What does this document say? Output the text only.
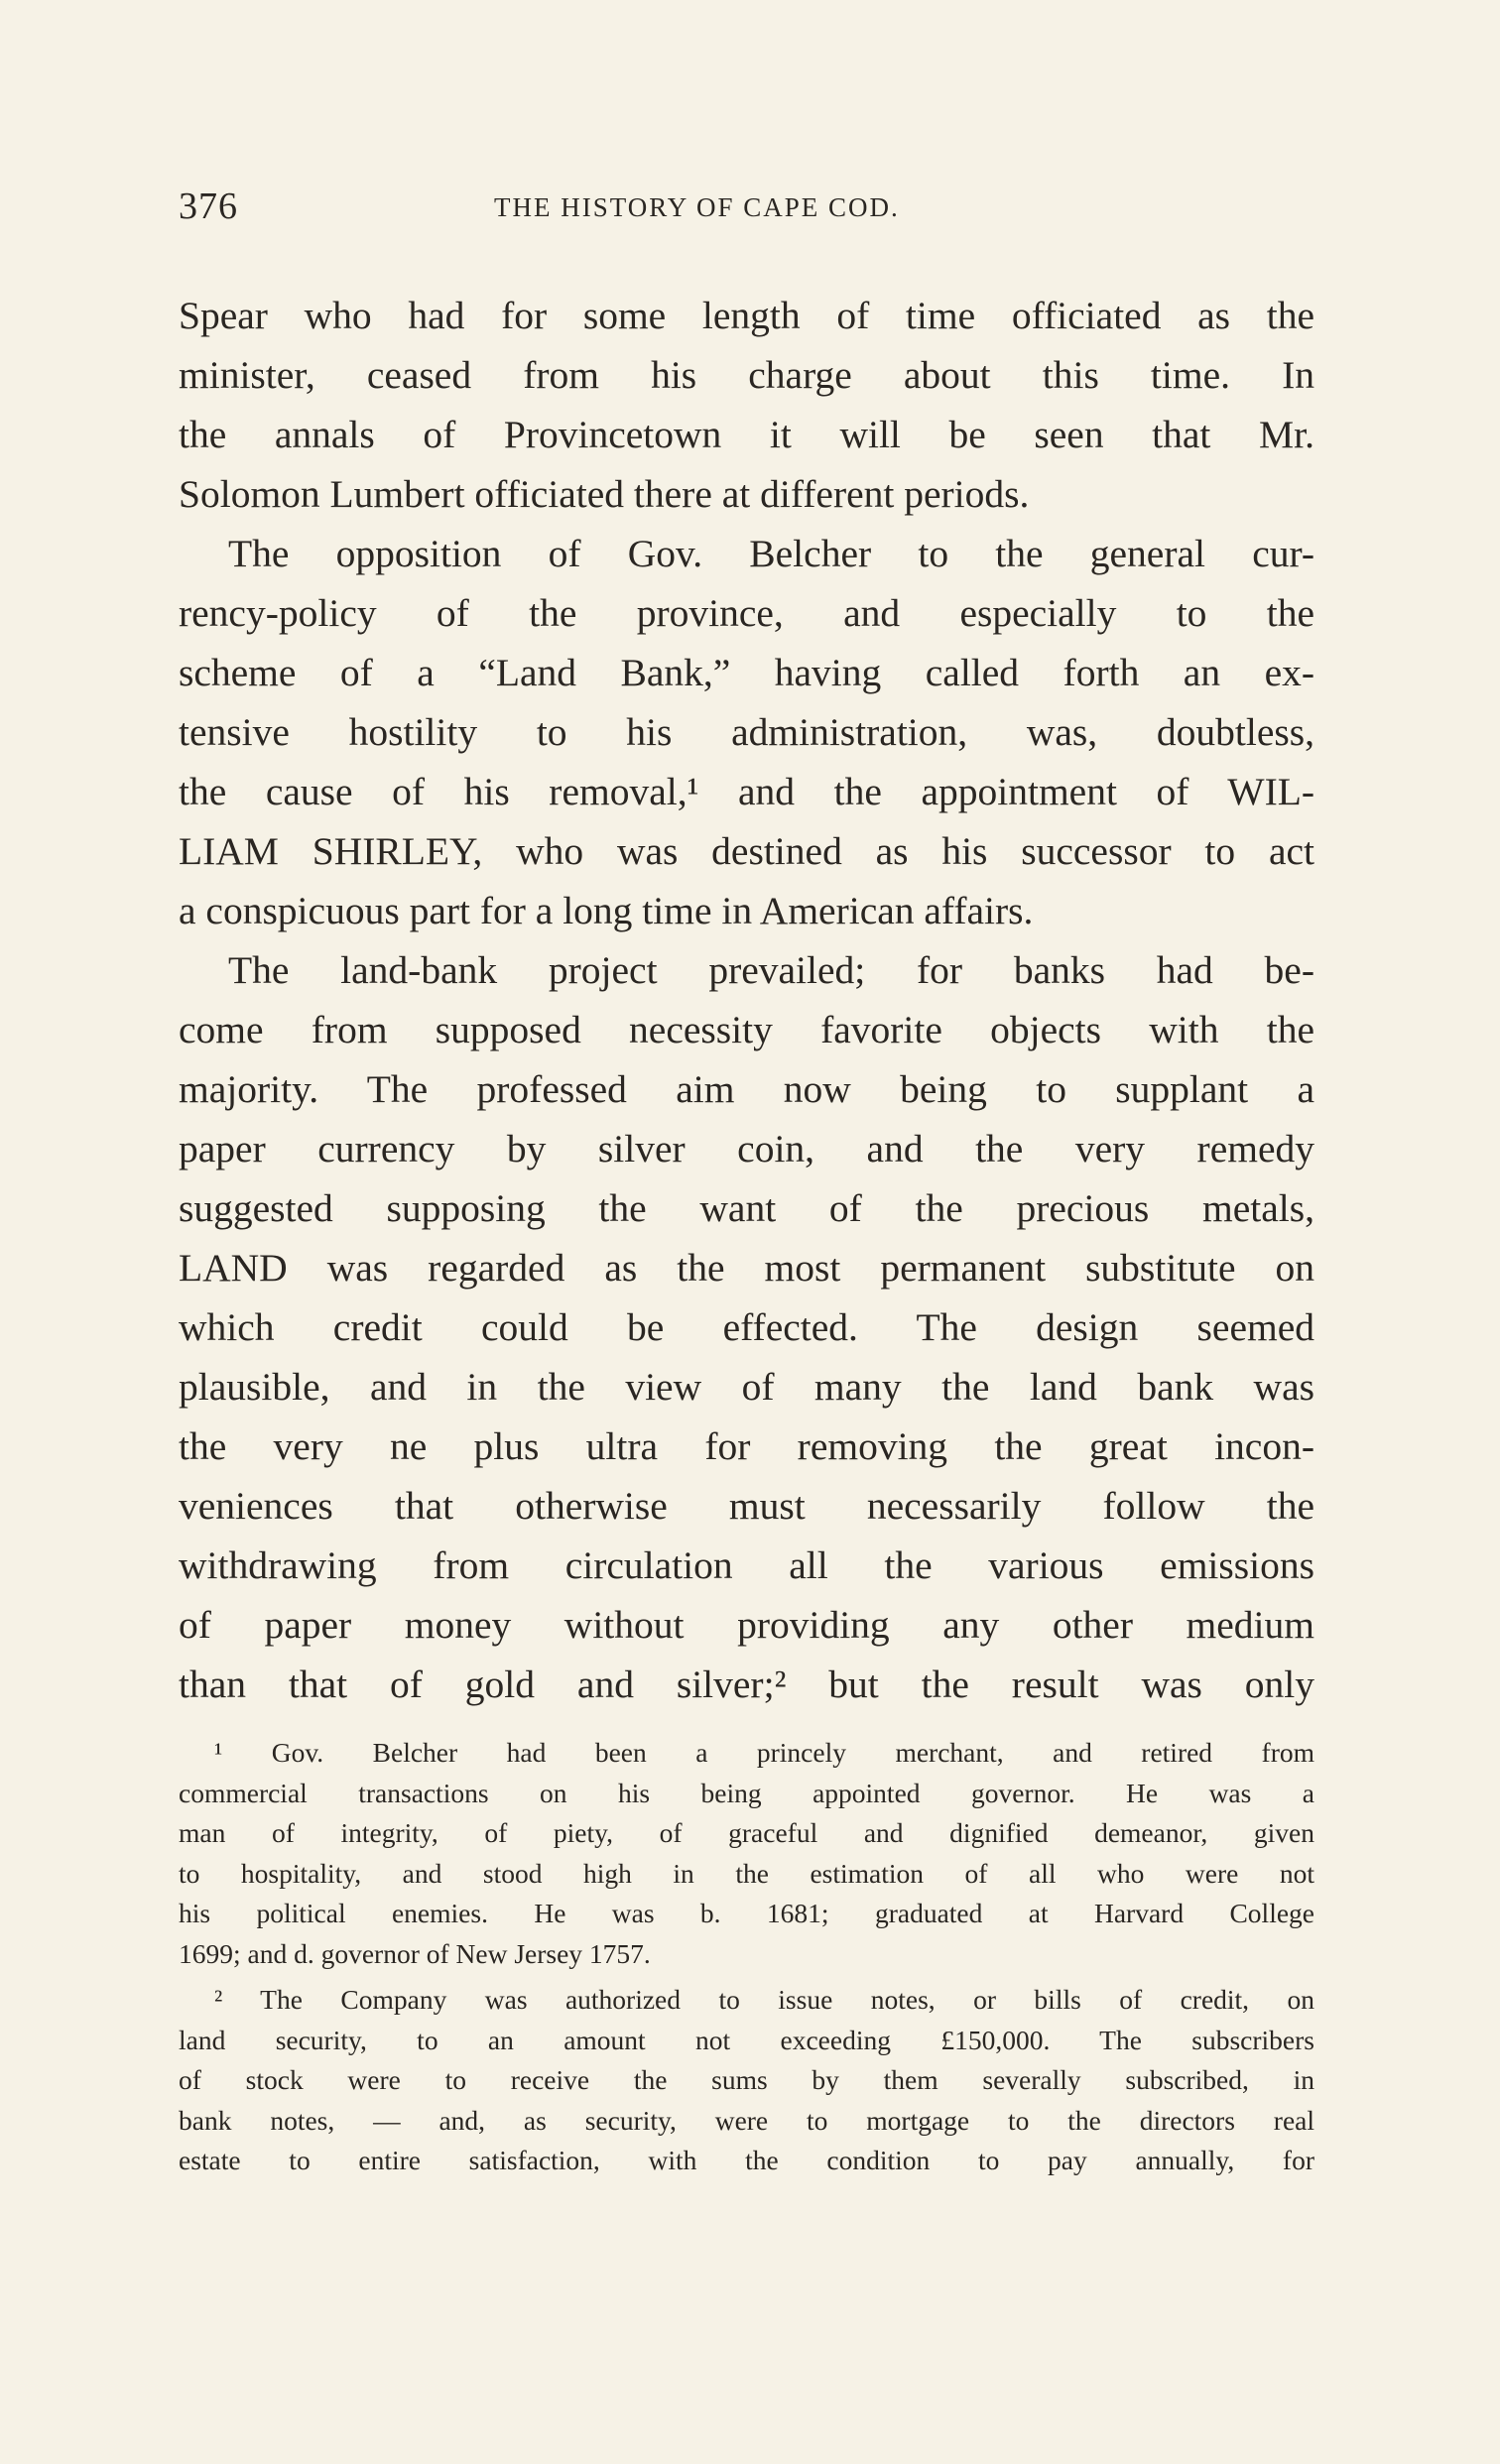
376	THE HISTORY OF CAPE COD.
Spear who had for some length of time officiated as the
minister, ceased from his charge about this time. In
the annals of Provincetown it will be seen that Mr.
Solomon Lumbert officiated there at different periods.
The opposition of Gov. Belcher to the general cur-
rency-policy of the province, and especially to the
scheme of a “Land Bank,” having called forth an ex-
tensive hostility to his administration, was, doubtless,
the cause of his removal,¹ and the appointment of WIL-
LIAM SHIRLEY, who was destined as his successor to act
a conspicuous part for a long time in American affairs.
The land-bank project prevailed; for banks had be-
come from supposed necessity favorite objects with the
majority. The professed aim now being to supplant a
paper currency by silver coin, and the very remedy
suggested supposing the want of the precious metals,
LAND was regarded as the most permanent substitute on
which credit could be effected. The design seemed
plausible, and in the view of many the land bank was
the very ne plus ultra for removing the great incon-
veniences that otherwise must necessarily follow the
withdrawing from circulation all the various emissions
of paper money without providing any other medium
than that of gold and silver;² but the result was only
¹ Gov. Belcher had been a princely merchant, and retired from
commercial transactions on his being appointed governor. He was a
man of integrity, of piety, of graceful and dignified demeanor, given
to hospitality, and stood high in the estimation of all who were not
his political enemies. He was b. 1681; graduated at Harvard College
1699; and d. governor of New Jersey 1757.
² The Company was authorized to issue notes, or bills of credit, on
land security, to an amount not exceeding £150,000. The subscribers
of stock were to receive the sums by them severally subscribed, in
bank notes, — and, as security, were to mortgage to the directors real
estate to entire satisfaction, with the condition to pay annually, for
